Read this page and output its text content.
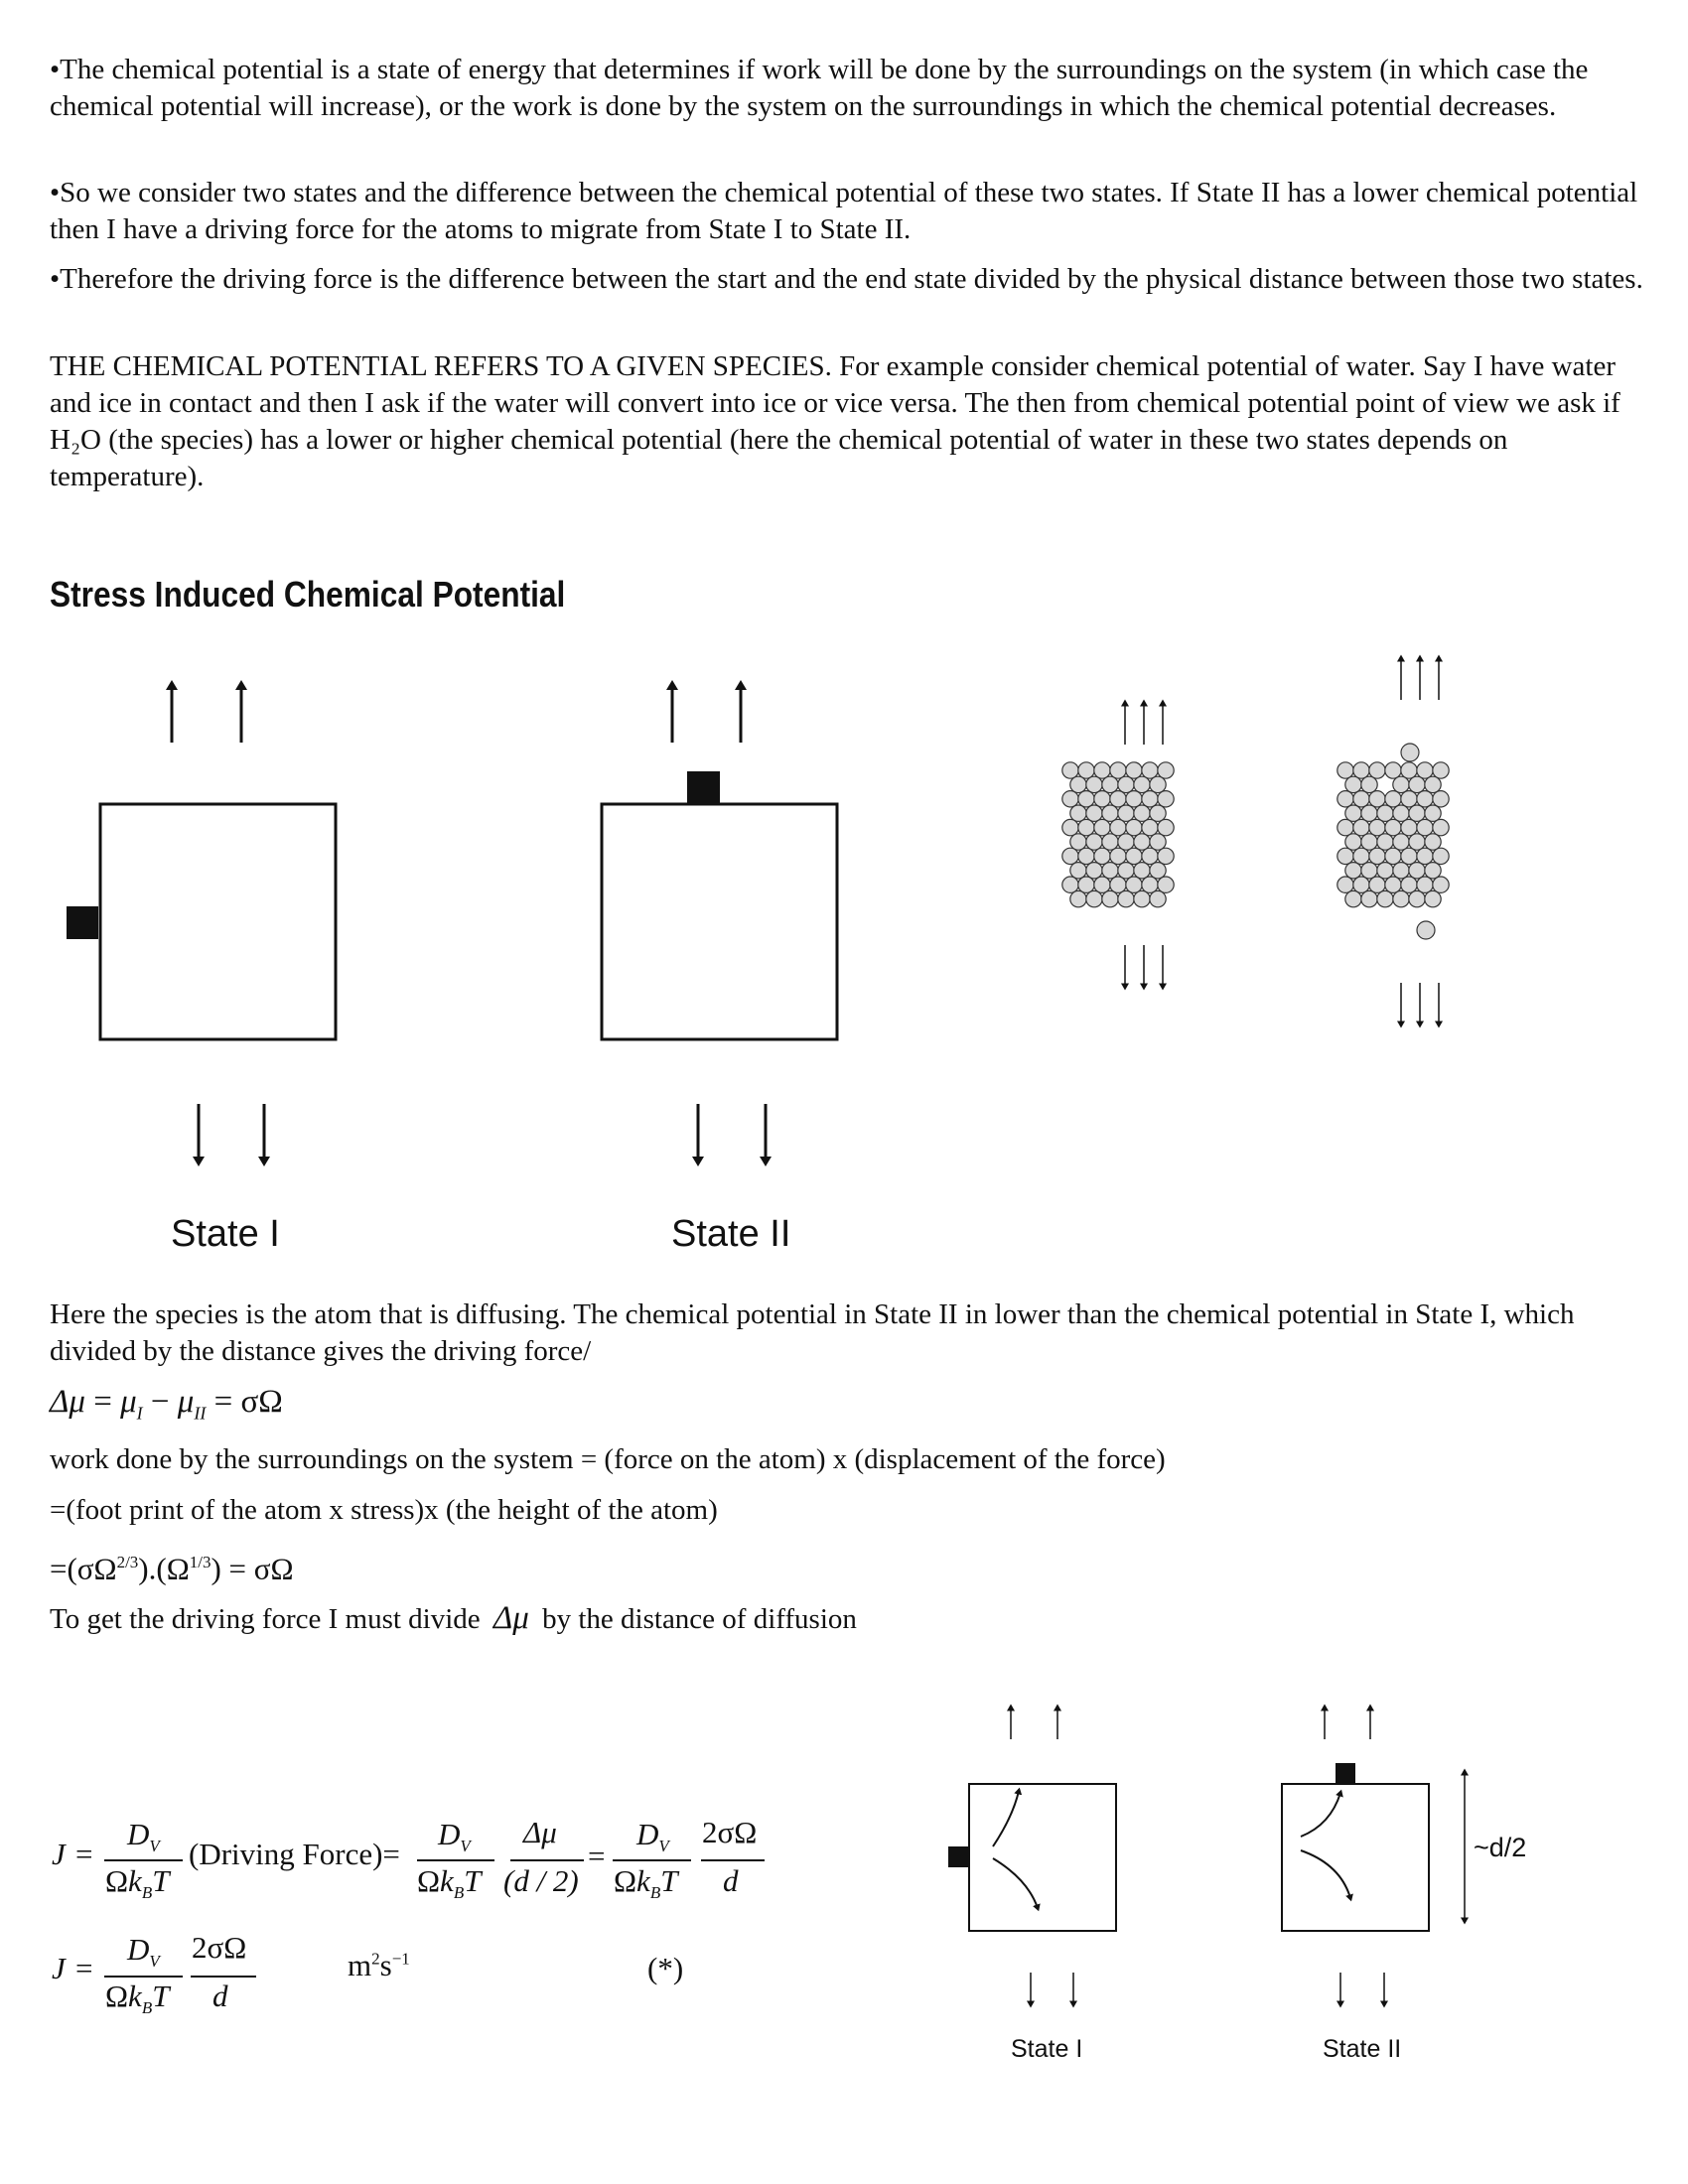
•The chemical potential is a state of energy that determines if work will be done by the surroundings on the system (in which case the chemical potential will increase), or the work is done by the system on the surroundings in which the chemical potential decreases.

•So we consider two states and the difference between the chemical potential of these two states. If State II has a lower chemical potential then I have a driving force for the atoms to migrate from State I to State II.

•Therefore the driving force is the difference between the start and the end state divided by the physical distance between those two states.

THE CHEMICAL POTENTIAL REFERS TO A GIVEN SPECIES. For example consider chemical potential of water. Say I have water and ice in contact and then I ask if the water will convert into ice or vice versa. The then from chemical potential point of view we ask if H₂O (the species) has a lower or higher chemical potential (here the chemical potential of water in these two states depends on temperature).

Stress Induced Chemical Potential
State I	State II

Here the species is the atom that is diffusing. The chemical potential in State II in lower than the chemical potential in State I, which divided by the distance gives the driving force/

$\Delta\mu = \mu_I - \mu_{II} = \sigma\Omega$
work done by the surroundings on the system = (force on the atom) x (displacement of the force)
=(foot print of the atom x stress)x (the height of the atom)
$=(\sigma\Omega^{2/3}).(\Omega^{1/3}) = \sigma\Omega$
To get the driving force I must divide Δμ by the distance of diffusion
J =
$D_V$
$\Omega k_BT$
(Driving Force)=
$D_V$
$\Omega k_BT$
Δμ
(d / 2)
=
$D_V$
$\Omega k_BT$
2σΩ
d
J =
$D_V$
$\Omega k_BT$
2σΩ
d
$m^2s^{-1}$	(*)
State I	State II
~d/2
